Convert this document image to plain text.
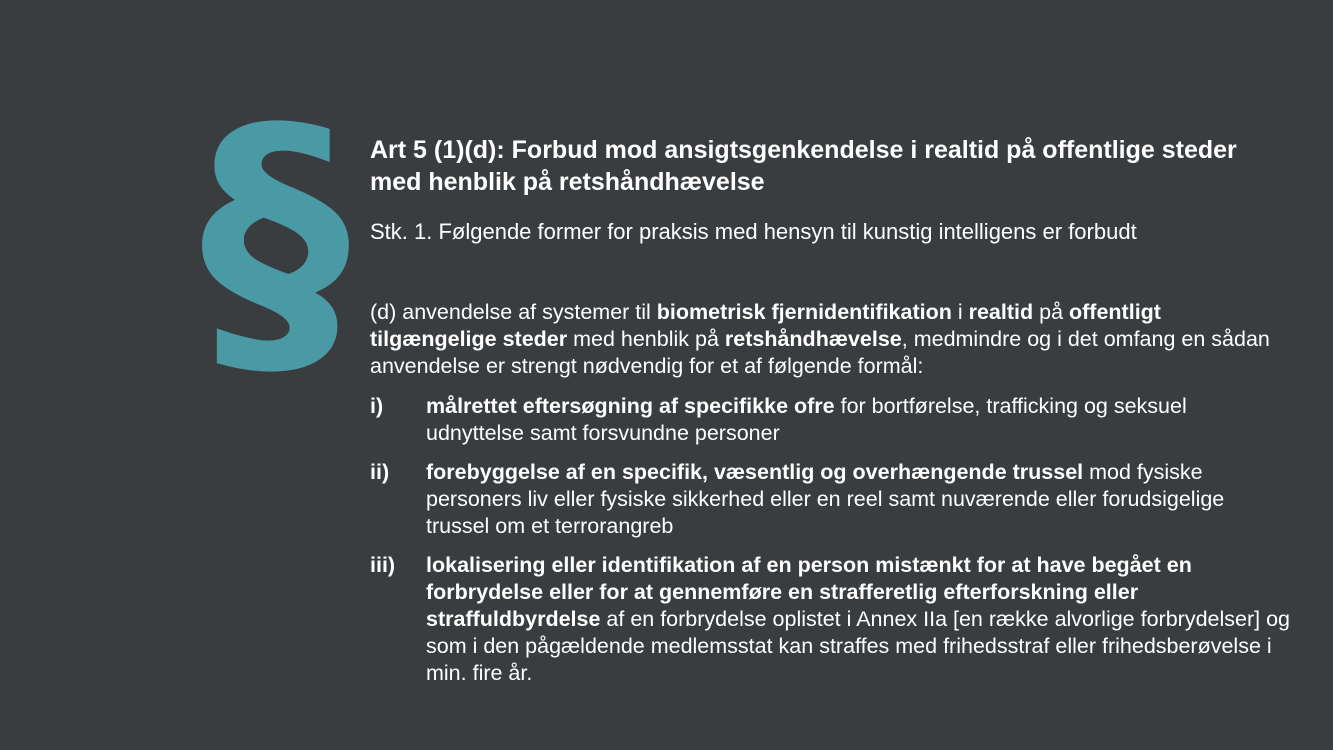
§ Art 5 (1)(d): Forbud mod ansigtsgenkendelse i realtid på offentlige steder med henblik på retshåndhævelse
Stk. 1. Følgende former for praksis med hensyn til kunstig intelligens er forbudt
(d) anvendelse af systemer til biometrisk fjernidentifikation i realtid på offentligt tilgængelige steder med henblik på retshåndhævelse, medmindre og i det omfang en sådan anvendelse er strengt nødvendig for et af følgende formål:
i)	målrettet eftersøgning af specifikke ofre for bortførelse, trafficking og seksuel udnyttelse samt forsvundne personer
ii)	forebyggelse af en specifik, væsentlig og overhængende trussel mod fysiske personers liv eller fysiske sikkerhed eller en reel samt nuværende eller forudsigelige trussel om et terrorangreb
iii)	lokalisering eller identifikation af en person mistænkt for at have begået en forbrydelse eller for at gennemføre en strafferetlig efterforskning eller straffuldbyrdelse af en forbrydelse oplistet i Annex IIa [en række alvorlige forbrydelser] og som i den pågældende medlemsstat kan straffes med frihedsstraf eller frihedsberøvelse i min. fire år.
